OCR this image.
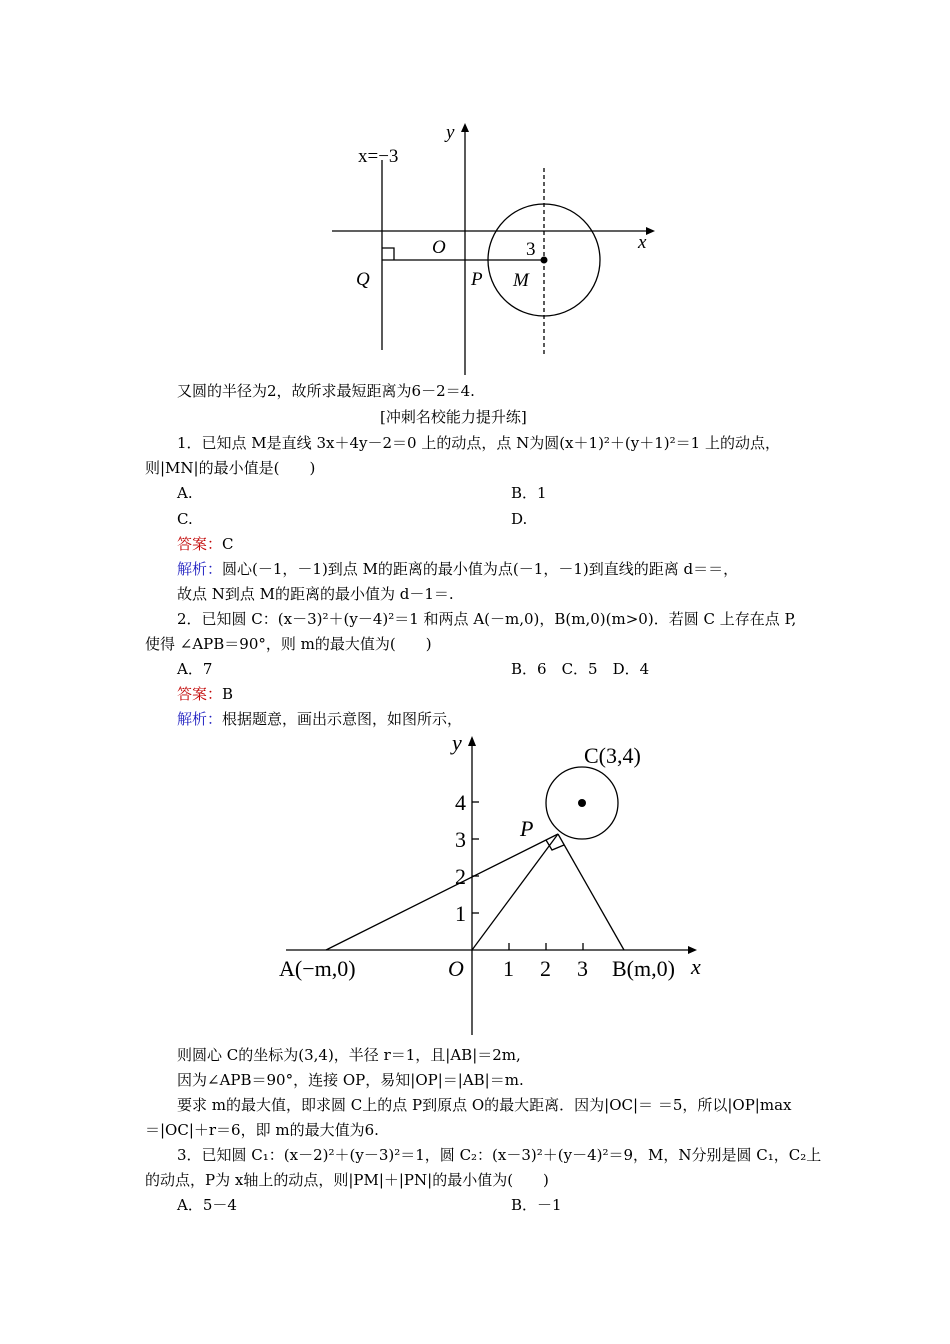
x=−3
y
x
O	3
Q	P M
又圆的半径为2，故所求最短距离为6－2＝4.
[冲刺名校能力提升练]
1．已知点 M是直线 3x＋4y－2＝0 上的动点，点 N为圆(x＋1)²＋(y＋1)²＝1 上的动点，
则|MN|的最小值是(　　)
A.	B．1
C.	D.
答案：C
解析：圆心(－1，－1)到点 M的距离的最小值为点(－1，－1)到直线的距离 d＝＝，
故点 N到点 M的距离的最小值为 d－1＝.
2．已知圆 C：(x－3)²＋(y－4)²＝1 和两点 A(－m,0)，B(m,0)(m>0)．若圆 C 上存在点 P,
使得 ∠APB＝90°，则 m的最大值为(　　)
A．7	B．6　C．5　D．4
答案：B
解析：根据题意，画出示意图，如图所示，
y
x
C(3,4)
P
O
A(−m,0)	B(m,0)
4
3
2
1
1 2 3
则圆心 C的坐标为(3,4)，半径 r＝1，且|AB|＝2m,
因为∠APB＝90°，连接 OP，易知|OP|＝|AB|＝m.
要求 m的最大值，即求圆 C上的点 P到原点 O的最大距离．因为|OC|＝ ＝5，所以|OP|max
＝|OC|＋r＝6，即 m的最大值为6.
3．已知圆 C₁：(x－2)²＋(y－3)²＝1，圆 C₂：(x－3)²＋(y－4)²＝9，M，N分别是圆 C₁，C₂上
的动点，P为 x轴上的动点，则|PM|＋|PN|的最小值为(　　)
A．5－4	B．－1
